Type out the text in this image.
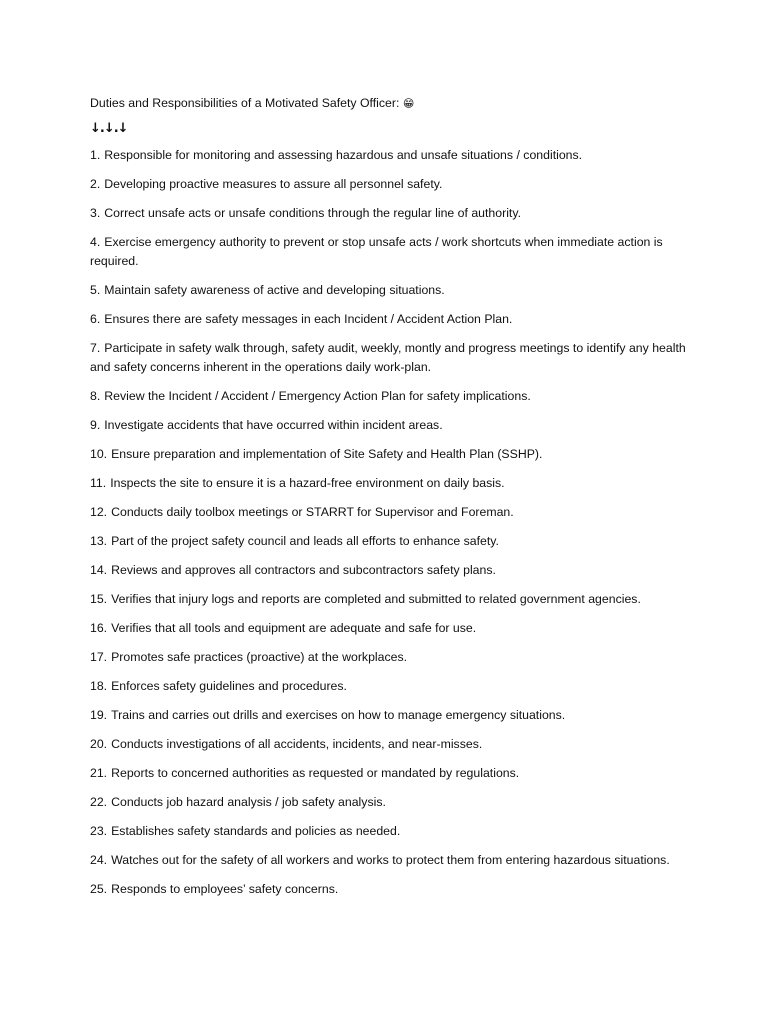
Duties and Responsibilities of a Motivated Safety Officer: 😁

↓.↓.↓

1. Responsible for monitoring and assessing hazardous and unsafe situations / conditions.
2. Developing proactive measures to assure all personnel safety.
3. Correct unsafe acts or unsafe conditions through the regular line of authority.
4. Exercise emergency authority to prevent or stop unsafe acts / work shortcuts when immediate action is required.
5. Maintain safety awareness of active and developing situations.
6. Ensures there are safety messages in each Incident / Accident Action Plan.
7. Participate in safety walk through, safety audit, weekly, montly and progress meetings to identify any health and safety concerns inherent in the operations daily work-plan.
8. Review the Incident / Accident / Emergency Action Plan for safety implications.
9. Investigate accidents that have occurred within incident areas.
10. Ensure preparation and implementation of Site Safety and Health Plan (SSHP).
11. Inspects the site to ensure it is a hazard-free environment on daily basis.
12. Conducts daily toolbox meetings or STARRT for Supervisor and Foreman.
13. Part of the project safety council and leads all efforts to enhance safety.
14. Reviews and approves all contractors and subcontractors safety plans.
15. Verifies that injury logs and reports are completed and submitted to related government agencies.
16. Verifies that all tools and equipment are adequate and safe for use.
17. Promotes safe practices (proactive) at the workplaces.
18. Enforces safety guidelines and procedures.
19. Trains and carries out drills and exercises on how to manage emergency situations.
20. Conducts investigations of all accidents, incidents, and near-misses.
21. Reports to concerned authorities as requested or mandated by regulations.
22. Conducts job hazard analysis / job safety analysis.
23. Establishes safety standards and policies as needed.
24. Watches out for the safety of all workers and works to protect them from entering hazardous situations.
25. Responds to employees’ safety concerns.
